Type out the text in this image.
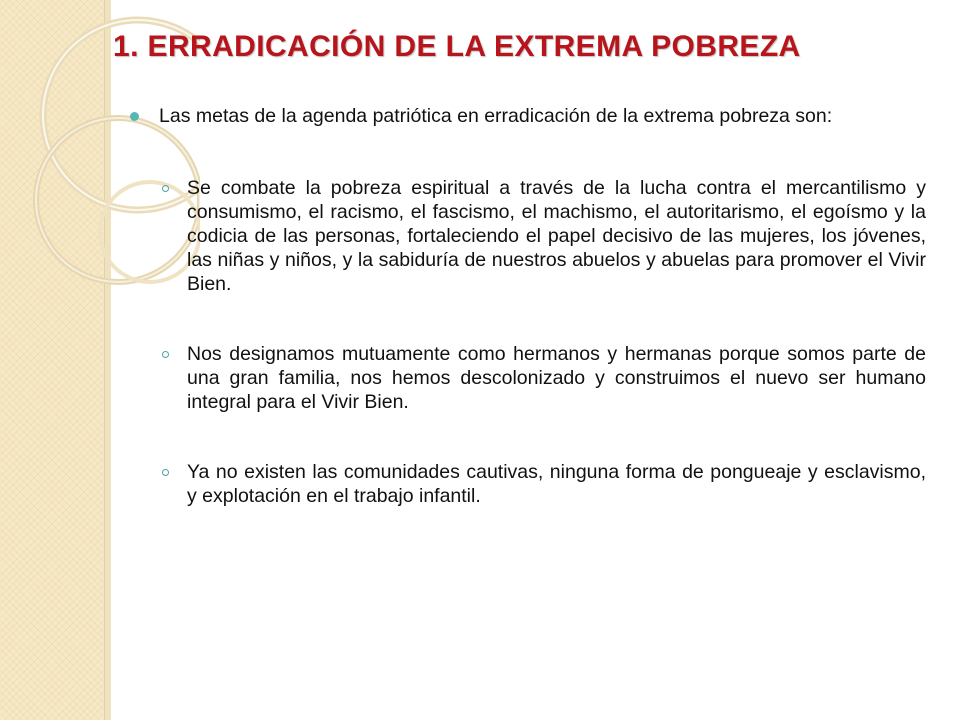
1. ERRADICACIÓN DE LA EXTREMA POBREZA

Las metas de la agenda patriótica en erradicación de la extrema pobreza son:

Se combate la pobreza espiritual a través de la lucha contra el mercantilismo y consumismo, el racismo, el fascismo, el machismo, el autoritarismo, el egoísmo y la codicia de las personas, fortaleciendo el papel decisivo de las mujeres, los jóvenes, las niñas y niños, y la sabiduría de nuestros abuelos y abuelas para promover el Vivir Bien.

Nos designamos mutuamente como hermanos y hermanas porque somos parte de una gran familia, nos hemos descolonizado y construimos el nuevo ser humano integral para el Vivir Bien.

Ya no existen las comunidades cautivas, ninguna forma de pongueaje y esclavismo, y explotación en el trabajo infantil.
